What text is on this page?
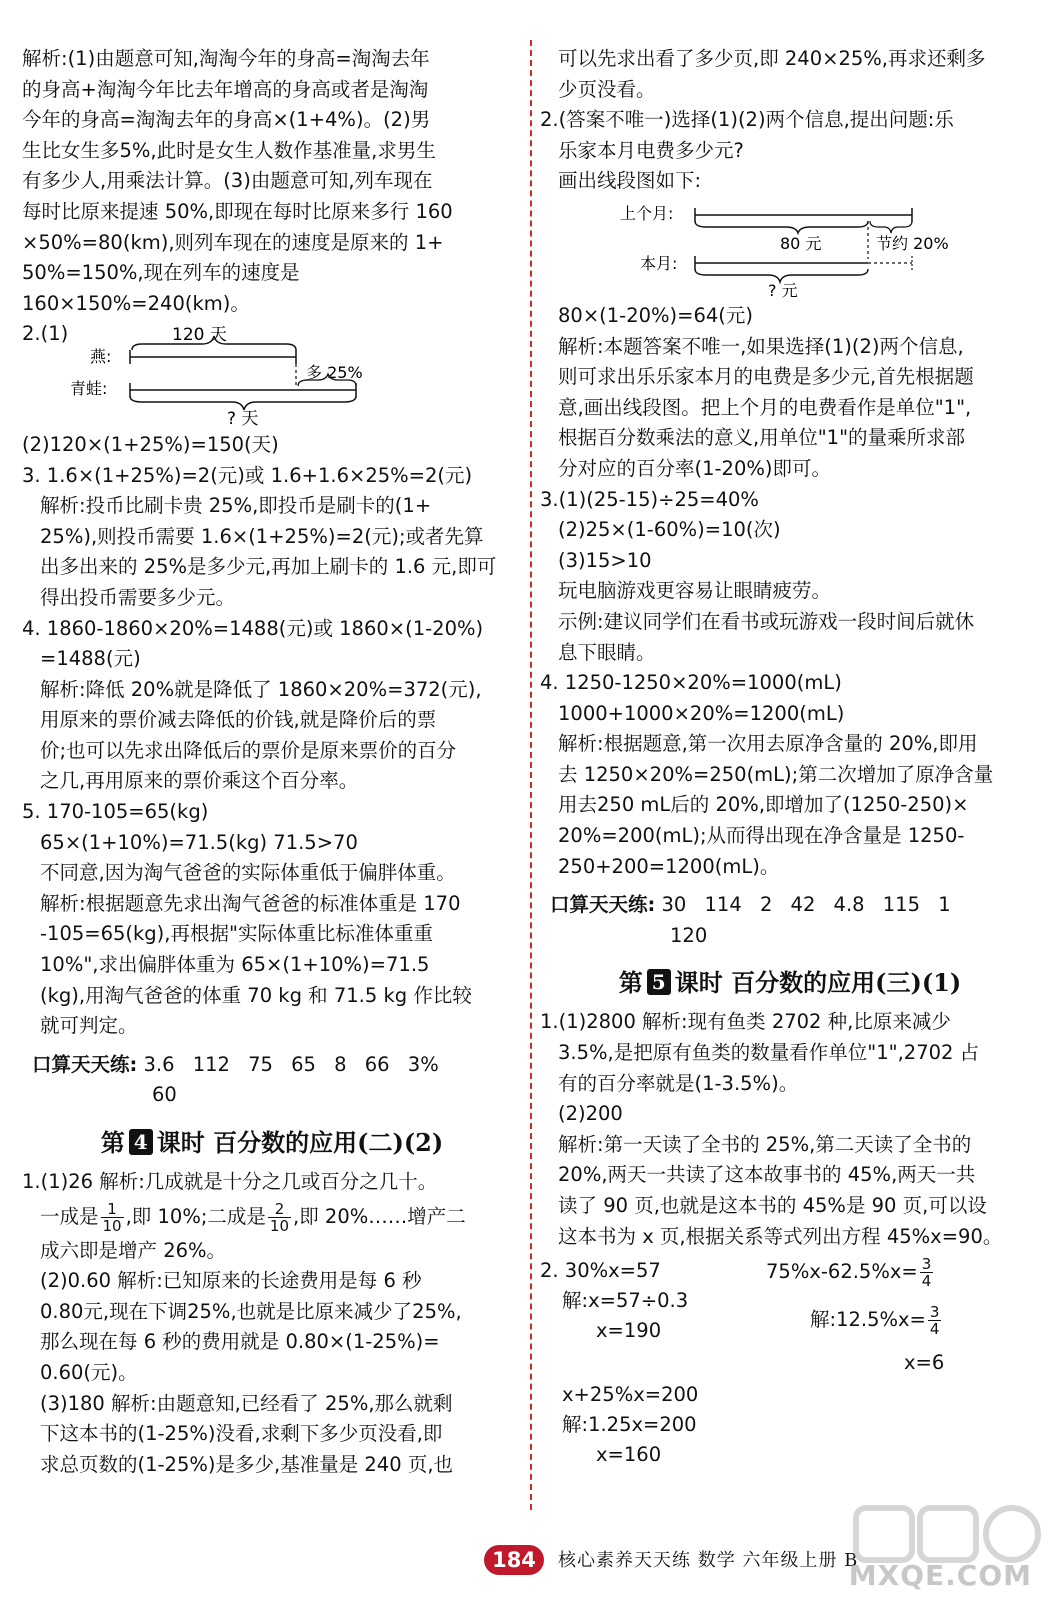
解析:(1)由题意可知,淘淘今年的身高=淘淘去年

的身高+淘淘今年比去年增高的身高或者是淘淘

今年的身高=淘淘去年的身高×(1+4%)。(2)男

生比女生多5%,此时是女生人数作基准量,求男生

有多少人,用乘法计算。(3)由题意可知,列车现在

每时比原来提速 50%,即现在每时比原来多行 160

×50%=80(km),则列车现在的速度是原来的 1+

50%=150%,现在列车的速度是 160×150%=240(km)。

2.(1)	120 天
燕:
多 25%
青蛙:
? 天

(2)120×(1+25%)=150(天)

3. 1.6×(1+25%)=2(元)或 1.6+1.6×25%=2(元)

解析:投币比刷卡贵 25%,即投币是刷卡的(1+

25%),则投币需要 1.6×(1+25%)=2(元);或者先算

出多出来的 25%是多少元,再加上刷卡的 1.6 元,即可

得出投币需要多少元。

4. 1860-1860×20%=1488(元)或 1860×(1-20%)

=1488(元)

解析:降低 20%就是降低了 1860×20%=372(元),

用原来的票价减去降低的价钱,就是降价后的票

价;也可以先求出降低后的票价是原来票价的百分

之几,再用原来的票价乘这个百分率。

5. 170-105=65(kg)

65×(1+10%)=71.5(kg) 71.5>70

不同意,因为淘气爸爸的实际体重低于偏胖体重。

解析:根据题意先求出淘气爸爸的标准体重是 170

-105=65(kg),再根据"实际体重比标准体重重

10%",求出偏胖体重为 65×(1+10%)=71.5

(kg),用淘气爸爸的体重 70 kg 和 71.5 kg 作比较

就可判定。

口算天天练: 3.6 112 75 65 8 66 3%
60
第 4 课时 百分数的应用(二)(2)

1.(1)26 解析:几成就是十分之几或百分之几十。

一成是 $\frac{1}{10}$ ,即 10%;二成是 $\frac{2}{10}$ ,即 20%……增产二

成六即是增产 26%。

(2)0.60 解析:已知原来的长途费用是每 6 秒

0.80元,现在下调25%,也就是比原来减少了25%,

那么现在每 6 秒的费用就是 0.80×(1-25%)=

0.60(元)。

(3)180 解析:由题意知,已经看了 25%,那么就剩

下这本书的(1-25%)没看,求剩下多少页没看,即

求总页数的(1-25%)是多少,基准量是 240 页,也

可以先求出看了多少页,即 240×25%,再求还剩多

少页没看。

2.(答案不唯一)选择(1)(2)两个信息,提出问题:乐

乐家本月电费多少元?

画出线段图如下:

上个月:
80 元	节约 20%
本月:
? 元

80×(1-20%)=64(元)

解析:本题答案不唯一,如果选择(1)(2)两个信息,

则可求出乐乐家本月的电费是多少元,首先根据题

意,画出线段图。把上个月的电费看作是单位"1",

根据百分数乘法的意义,用单位"1"的量乘所求部

分对应的百分率(1-20%)即可。

3.(1)(25-15)÷25=40%

(2)25×(1-60%)=10(次)

(3)15>10

玩电脑游戏更容易让眼睛疲劳。

示例:建议同学们在看书或玩游戏一段时间后就休

息下眼睛。

4. 1250-1250×20%=1000(mL)

1000+1000×20%=1200(mL)

解析:根据题意,第一次用去原净含量的 20%,即用

去 1250×20%=250(mL);第二次增加了原净含量

用去250 mL后的 20%,即增加了(1250-250)×

20%=200(mL);从而得出现在净含量是 1250-

250+200=1200(mL)。

口算天天练: 30 114 2 42 4.8 115 1
120
第 5 课时 百分数的应用(三)(1)

1.(1)2800 解析:现有鱼类 2702 种,比原来减少

3.5%,是把原有鱼类的数量看作单位"1",2702 占

有的百分率就是(1-3.5%)。

(2)200

解析:第一天读了全书的 25%,第二天读了全书的

20%,两天一共读了这本故事书的 45%,两天一共

读了 90 页,也就是这本书的 45%是 90 页,可以设

这本书为 x 页,根据关系等式列出方程 45%x=90。

2. 30%x=57
解:x=57÷0.3
x=190
$75\%x-62.5\%x= \frac{3}{4}$
解:12.5%x= $\frac{3}{4}$
x=6
x+25%x=200
解:1.25x=200
x=160
184	核心素养天天练 数学 六年级上册 B
MXQE.COM
